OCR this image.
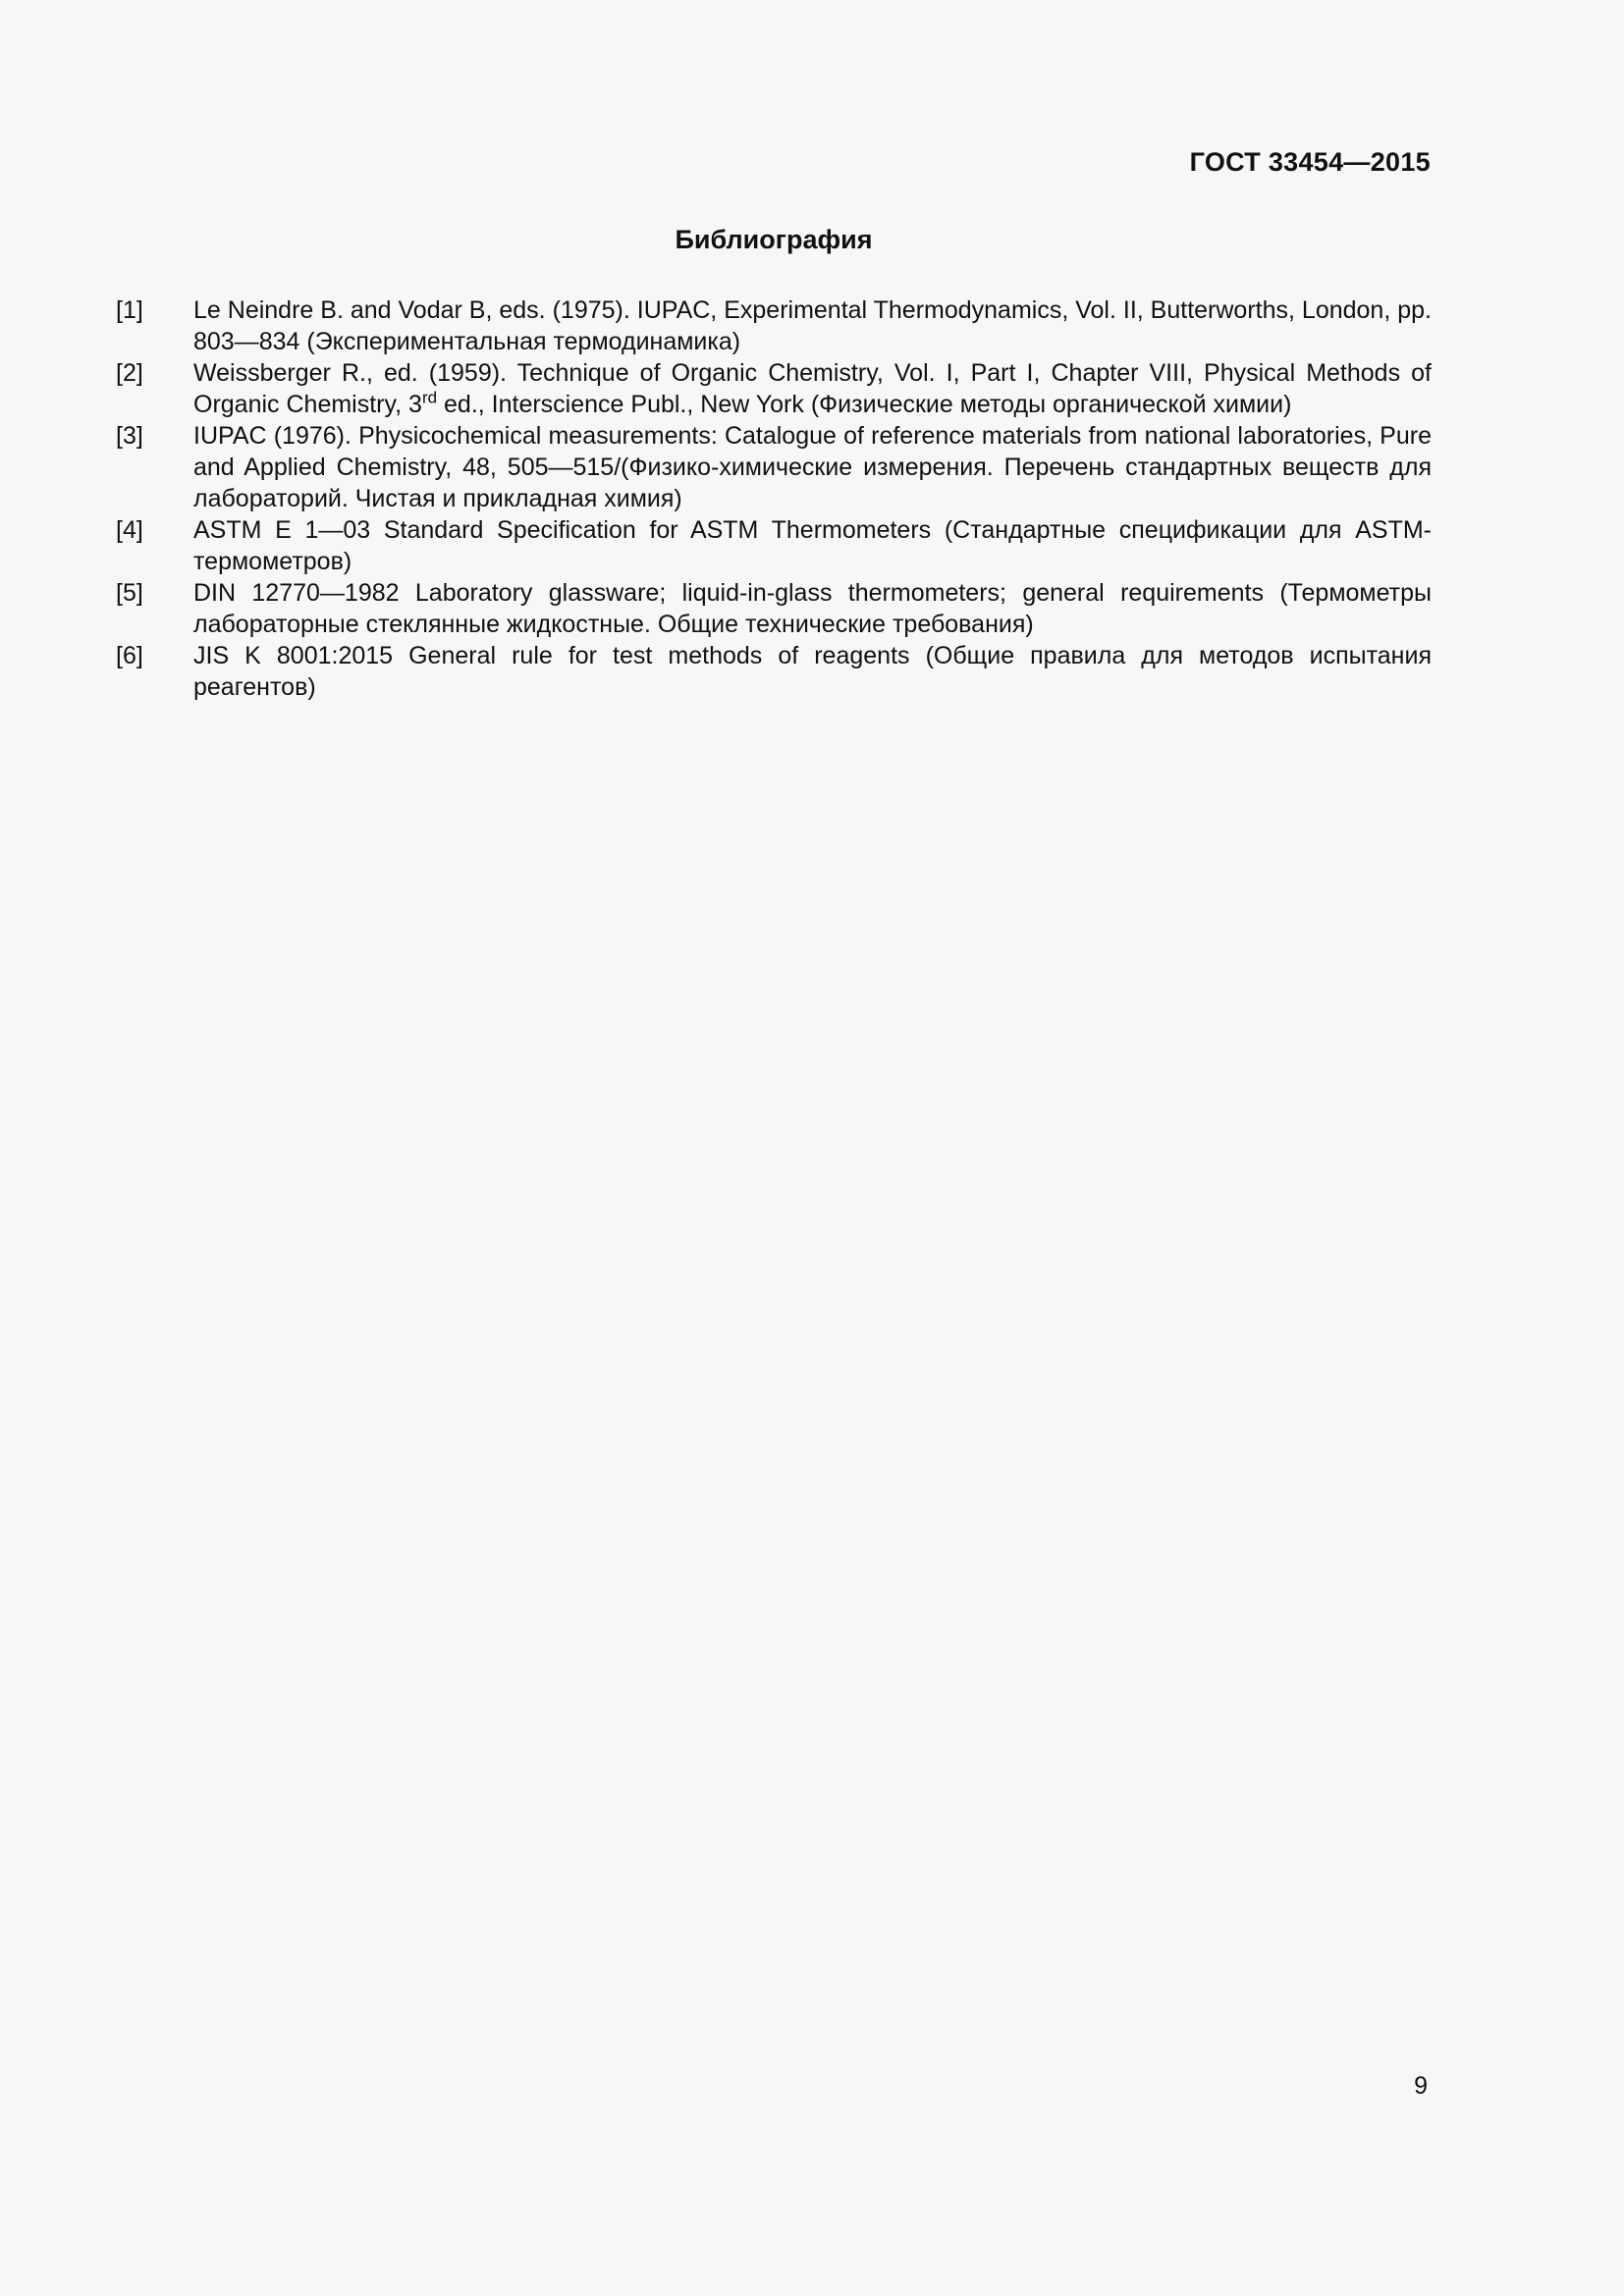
ГОСТ 33454—2015
Библиография
[1]	Le Neindre B. and Vodar B, eds. (1975). IUPAC, Experimental Thermodynamics, Vol. II, Butterworths, London, pp. 803—834 (Экспериментальная термодинамика)
[2]	Weissberger R., ed. (1959). Technique of Organic Chemistry, Vol. I, Part I, Chapter VIII, Physical Methods of Organic Chemistry, 3rd ed., Interscience Publ., New York (Физические методы органической химии)
[3]	IUPAC (1976). Physicochemical measurements: Catalogue of reference materials from national laboratories, Pure and Applied Chemistry, 48, 505—515/(Физико-химические измерения. Перечень стандартных веществ для лабораторий. Чистая и прикладная химия)
[4]	ASTM E 1—03 Standard Specification for ASTM Thermometers (Стандартные спецификации для ASTM-термометров)
[5]	DIN 12770—1982 Laboratory glassware; liquid-in-glass thermometers; general requirements (Термометры лабораторные стеклянные жидкостные. Общие технические требования)
[6]	JIS K 8001:2015 General rule for test methods of reagents (Общие правила для методов испытания реагентов)
9
